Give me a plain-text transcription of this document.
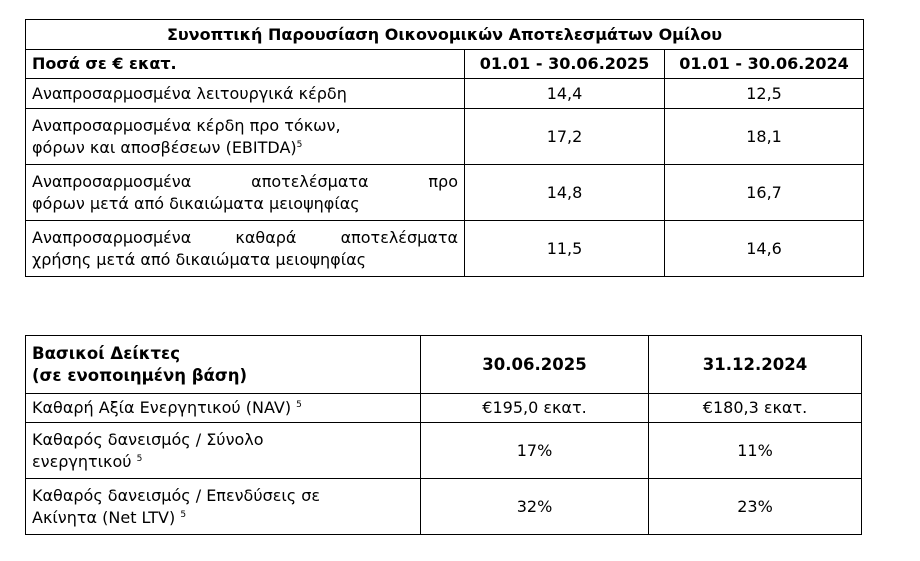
Συνοπτική Παρουσίαση Οικονομικών Αποτελεσμάτων Ομίλου		
Ποσά σε € εκατ.	01.01 - 30.06.2025	01.01 - 30.06.2024
Αναπροσαρμοσμένα λειτουργικά κέρδη	14,4	12,5

Αναπροσαρμοσμένα κέρδη προ τόκων,
φόρων και αποσβέσεων (EBITDA)$^5$	17,2	18,1

Αναπροσαρμοσμένα αποτελέσματα προ
φόρων μετά από δικαιώματα μειοψηφίας	14,8	16,7

Αναπροσαρμοσμένα καθαρά αποτελέσματα
χρήσης μετά από δικαιώματα μειοψηφίας	11,5	14,6
Βασικοί Δείκτες
(σε ενοποιημένη βάση)	30.06.2025	31.12.2024
Καθαρή Αξία Ενεργητικού (NAV) $^5$	€195,0 εκατ.	€180,3 εκατ.

Καθαρός δανεισμός / Σύνολο
ενεργητικού $^5$	17%	11%

Καθαρός δανεισμός / Επενδύσεις σε
Ακίνητα (Net LTV) $^5$	32%	23%
